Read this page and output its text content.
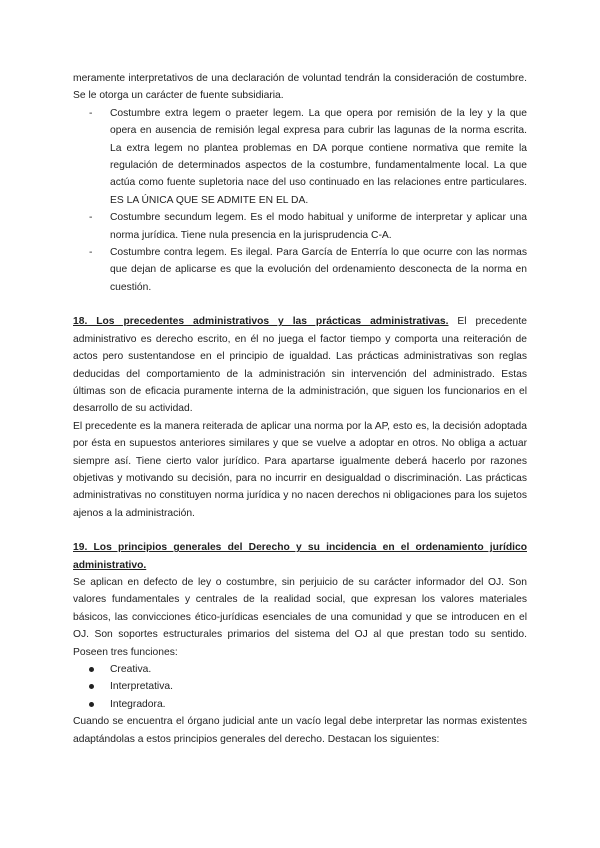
meramente interpretativos de una declaración de voluntad tendrán la consideración de costumbre. Se le otorga un carácter de fuente subsidiaria.

- Costumbre extra legem o praeter legem. La que opera por remisión de la ley y la que opera en ausencia de remisión legal expresa para cubrir las lagunas de la norma escrita. La extra legem no plantea problemas en DA porque contiene normativa que remite la regulación de determinados aspectos de la costumbre, fundamentalmente local. La que actúa como fuente supletoria nace del uso continuado en las relaciones entre particulares. ES LA ÚNICA QUE SE ADMITE EN EL DA.
- Costumbre secundum legem. Es el modo habitual y uniforme de interpretar y aplicar una norma jurídica. Tiene nula presencia en la jurisprudencia C-A.
- Costumbre contra legem. Es ilegal. Para García de Enterría lo que ocurre con las normas que dejan de aplicarse es que la evolución del ordenamiento desconecta de la norma en cuestión.

18. Los precedentes administrativos y las prácticas administrativas. El precedente administrativo es derecho escrito, en él no juega el factor tiempo y comporta una reiteración de actos pero sustentandose en el principio de igualdad. Las prácticas administrativas son reglas deducidas del comportamiento de la administración sin intervención del administrado. Estas últimas son de eficacia puramente interna de la administración, que siguen los funcionarios en el desarrollo de su actividad.

El precedente es la manera reiterada de aplicar una norma por la AP, esto es, la decisión adoptada por ésta en supuestos anteriores similares y que se vuelve a adoptar en otros. No obliga a actuar siempre así. Tiene cierto valor jurídico. Para apartarse igualmente deberá hacerlo por razones objetivas y motivando su decisión, para no incurrir en desigualdad o discriminación. Las prácticas administrativas no constituyen norma jurídica y no nacen derechos ni obligaciones para los sujetos ajenos a la administración.

19. Los principios generales del Derecho y su incidencia en el ordenamiento jurídico administrativo.

Se aplican en defecto de ley o costumbre, sin perjuicio de su carácter informador del OJ. Son valores fundamentales y centrales de la realidad social, que expresan los valores materiales básicos, las convicciones ético-jurídicas esenciales de una comunidad y que se introducen en el OJ. Son soportes estructurales primarios del sistema del OJ al que prestan todo su sentido. Poseen tres funciones:

Creativa.
Interpretativa.
Integradora.

Cuando se encuentra el órgano judicial ante un vacío legal debe interpretar las normas existentes adaptándolas a estos principios generales del derecho. Destacan los siguientes:
